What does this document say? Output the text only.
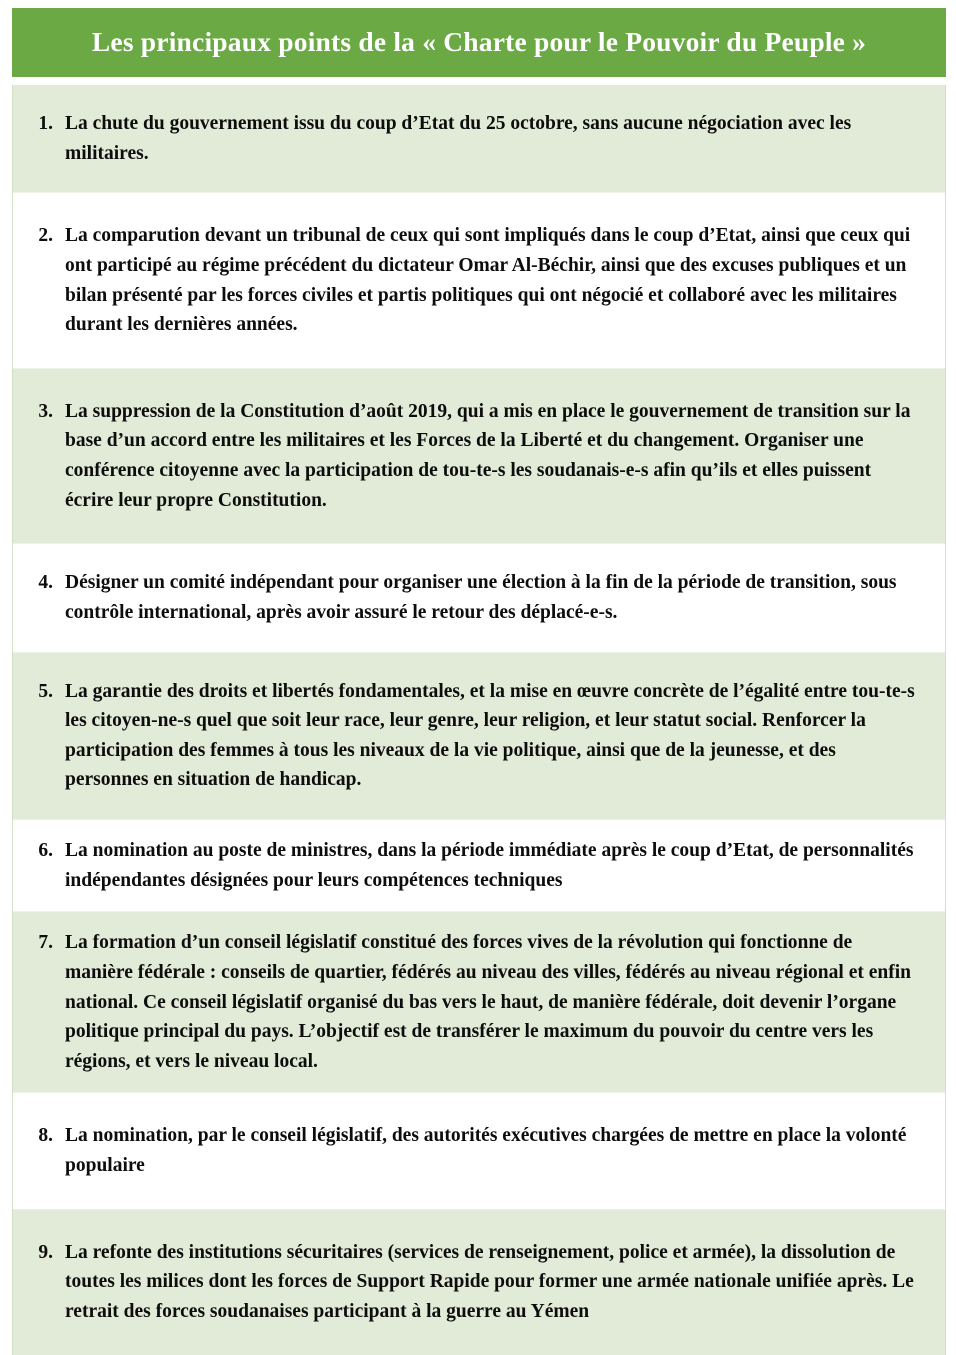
Les principaux points de la « Charte pour le Pouvoir du Peuple »
1. La chute du gouvernement issu du coup d’Etat du 25 octobre, sans aucune négociation avec les militaires.
2. La comparution devant un tribunal de ceux qui sont impliqués dans le coup d’Etat, ainsi que ceux qui ont participé au régime précédent du dictateur Omar Al-Béchir, ainsi que des excuses publiques et un bilan présenté par les forces civiles et partis politiques qui ont négocié et collaboré avec les militaires durant les dernières années.
3. La suppression de la Constitution d’août 2019, qui a mis en place le gouvernement de transition sur la base d’un accord entre les militaires et les Forces de la Liberté et du changement. Organiser une conférence citoyenne avec la participation de tou-te-s les soudanais-e-s afin qu’ils et elles puissent écrire leur propre Constitution.
4. Désigner un comité indépendant pour organiser une élection à la fin de la période de transition, sous contrôle international, après avoir assuré le retour des déplacé-e-s.
5. La garantie des droits et libertés fondamentales, et la mise en œuvre concrète de l’égalité entre tou-te-s les citoyen-ne-s quel que soit leur race, leur genre, leur religion, et leur statut social. Renforcer la participation des femmes à tous les niveaux de la vie politique, ainsi que de la jeunesse, et des personnes en situation de handicap.
6. La nomination au poste de ministres, dans la période immédiate après le coup d’Etat, de personnalités indépendantes désignées pour leurs compétences techniques
7. La formation d’un conseil législatif constitué des forces vives de la révolution qui fonctionne de manière fédérale : conseils de quartier, fédérés au niveau des villes, fédérés au niveau régional et enfin national. Ce conseil législatif organisé du bas vers le haut, de manière fédérale, doit devenir l’organe politique principal du pays. L’objectif est de transférer le maximum du pouvoir du centre vers les régions, et vers le niveau local.
8. La nomination, par le conseil législatif, des autorités exécutives chargées de mettre en place la volonté populaire
9. La refonte des institutions sécuritaires (services de renseignement, police et armée), la dissolution de toutes les milices dont les forces de Support Rapide pour former une armée nationale unifiée après. Le retrait des forces soudanaises participant à la guerre au Yémen
